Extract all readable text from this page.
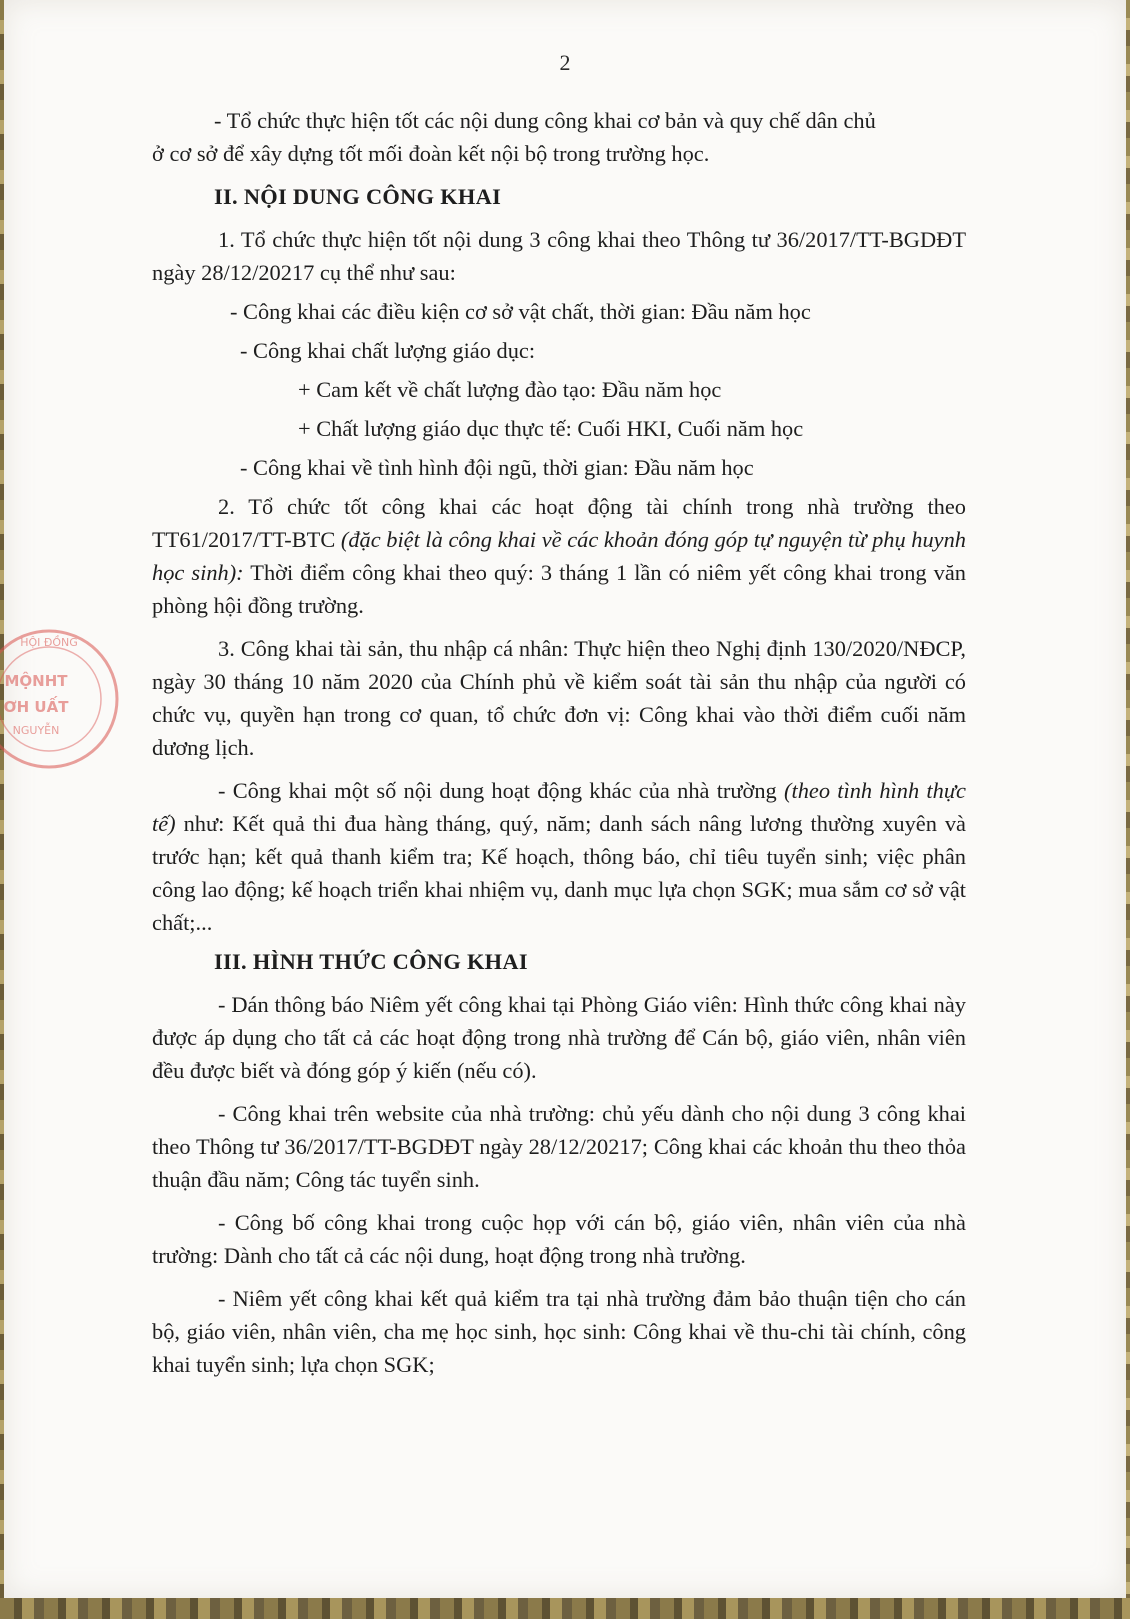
2
HỘI ĐỒNG
MỘNHT
ƠH UẤT
NGUYỄN

- Tổ chức thực hiện tốt các nội dung công khai cơ bản và quy chế dân chủ

ở cơ sở để xây dựng tốt mối đoàn kết nội bộ trong trường học.

II. NỘI DUNG CÔNG KHAI

1. Tổ chức thực hiện tốt nội dung 3 công khai theo Thông tư 36/2017/TT-BGDĐT ngày 28/12/20217 cụ thể như sau:

- Công khai các điều kiện cơ sở vật chất, thời gian: Đầu năm học

- Công khai chất lượng giáo dục:

+ Cam kết về chất lượng đào tạo: Đầu năm học

+ Chất lượng giáo dục thực tế: Cuối HKI, Cuối năm học

- Công khai về tình hình đội ngũ, thời gian: Đầu năm học

2. Tổ chức tốt công khai các hoạt động tài chính trong nhà trường theo TT61/2017/TT-BTC (đặc biệt là công khai về các khoản đóng góp tự nguyện từ phụ huynh học sinh): Thời điểm công khai theo quý: 3 tháng 1 lần có niêm yết công khai trong văn phòng hội đồng trường.

3. Công khai tài sản, thu nhập cá nhân: Thực hiện theo Nghị định 130/2020/NĐCP, ngày 30 tháng 10 năm 2020 của Chính phủ về kiểm soát tài sản thu nhập của người có chức vụ, quyền hạn trong cơ quan, tổ chức đơn vị: Công khai vào thời điểm cuối năm dương lịch.

- Công khai một số nội dung hoạt động khác của nhà trường (theo tình hình thực tế) như: Kết quả thi đua hàng tháng, quý, năm; danh sách nâng lương thường xuyên và trước hạn; kết quả thanh kiểm tra; Kế hoạch, thông báo, chỉ tiêu tuyển sinh; việc phân công lao động; kế hoạch triển khai nhiệm vụ, danh mục lựa chọn SGK; mua sắm cơ sở vật chất;...

III. HÌNH THỨC CÔNG KHAI

- Dán thông báo Niêm yết công khai tại Phòng Giáo viên: Hình thức công khai này được áp dụng cho tất cả các hoạt động trong nhà trường để Cán bộ, giáo viên, nhân viên đều được biết và đóng góp ý kiến (nếu có).

- Công khai trên website của nhà trường: chủ yếu dành cho nội dung 3 công khai theo Thông tư 36/2017/TT-BGDĐT ngày 28/12/20217; Công khai các khoản thu theo thỏa thuận đầu năm; Công tác tuyển sinh.

- Công bố công khai trong cuộc họp với cán bộ, giáo viên, nhân viên của nhà trường: Dành cho tất cả các nội dung, hoạt động trong nhà trường.

- Niêm yết công khai kết quả kiểm tra tại nhà trường đảm bảo thuận tiện cho cán bộ, giáo viên, nhân viên, cha mẹ học sinh, học sinh: Công khai về thu-chi tài chính, công khai tuyển sinh; lựa chọn SGK;
